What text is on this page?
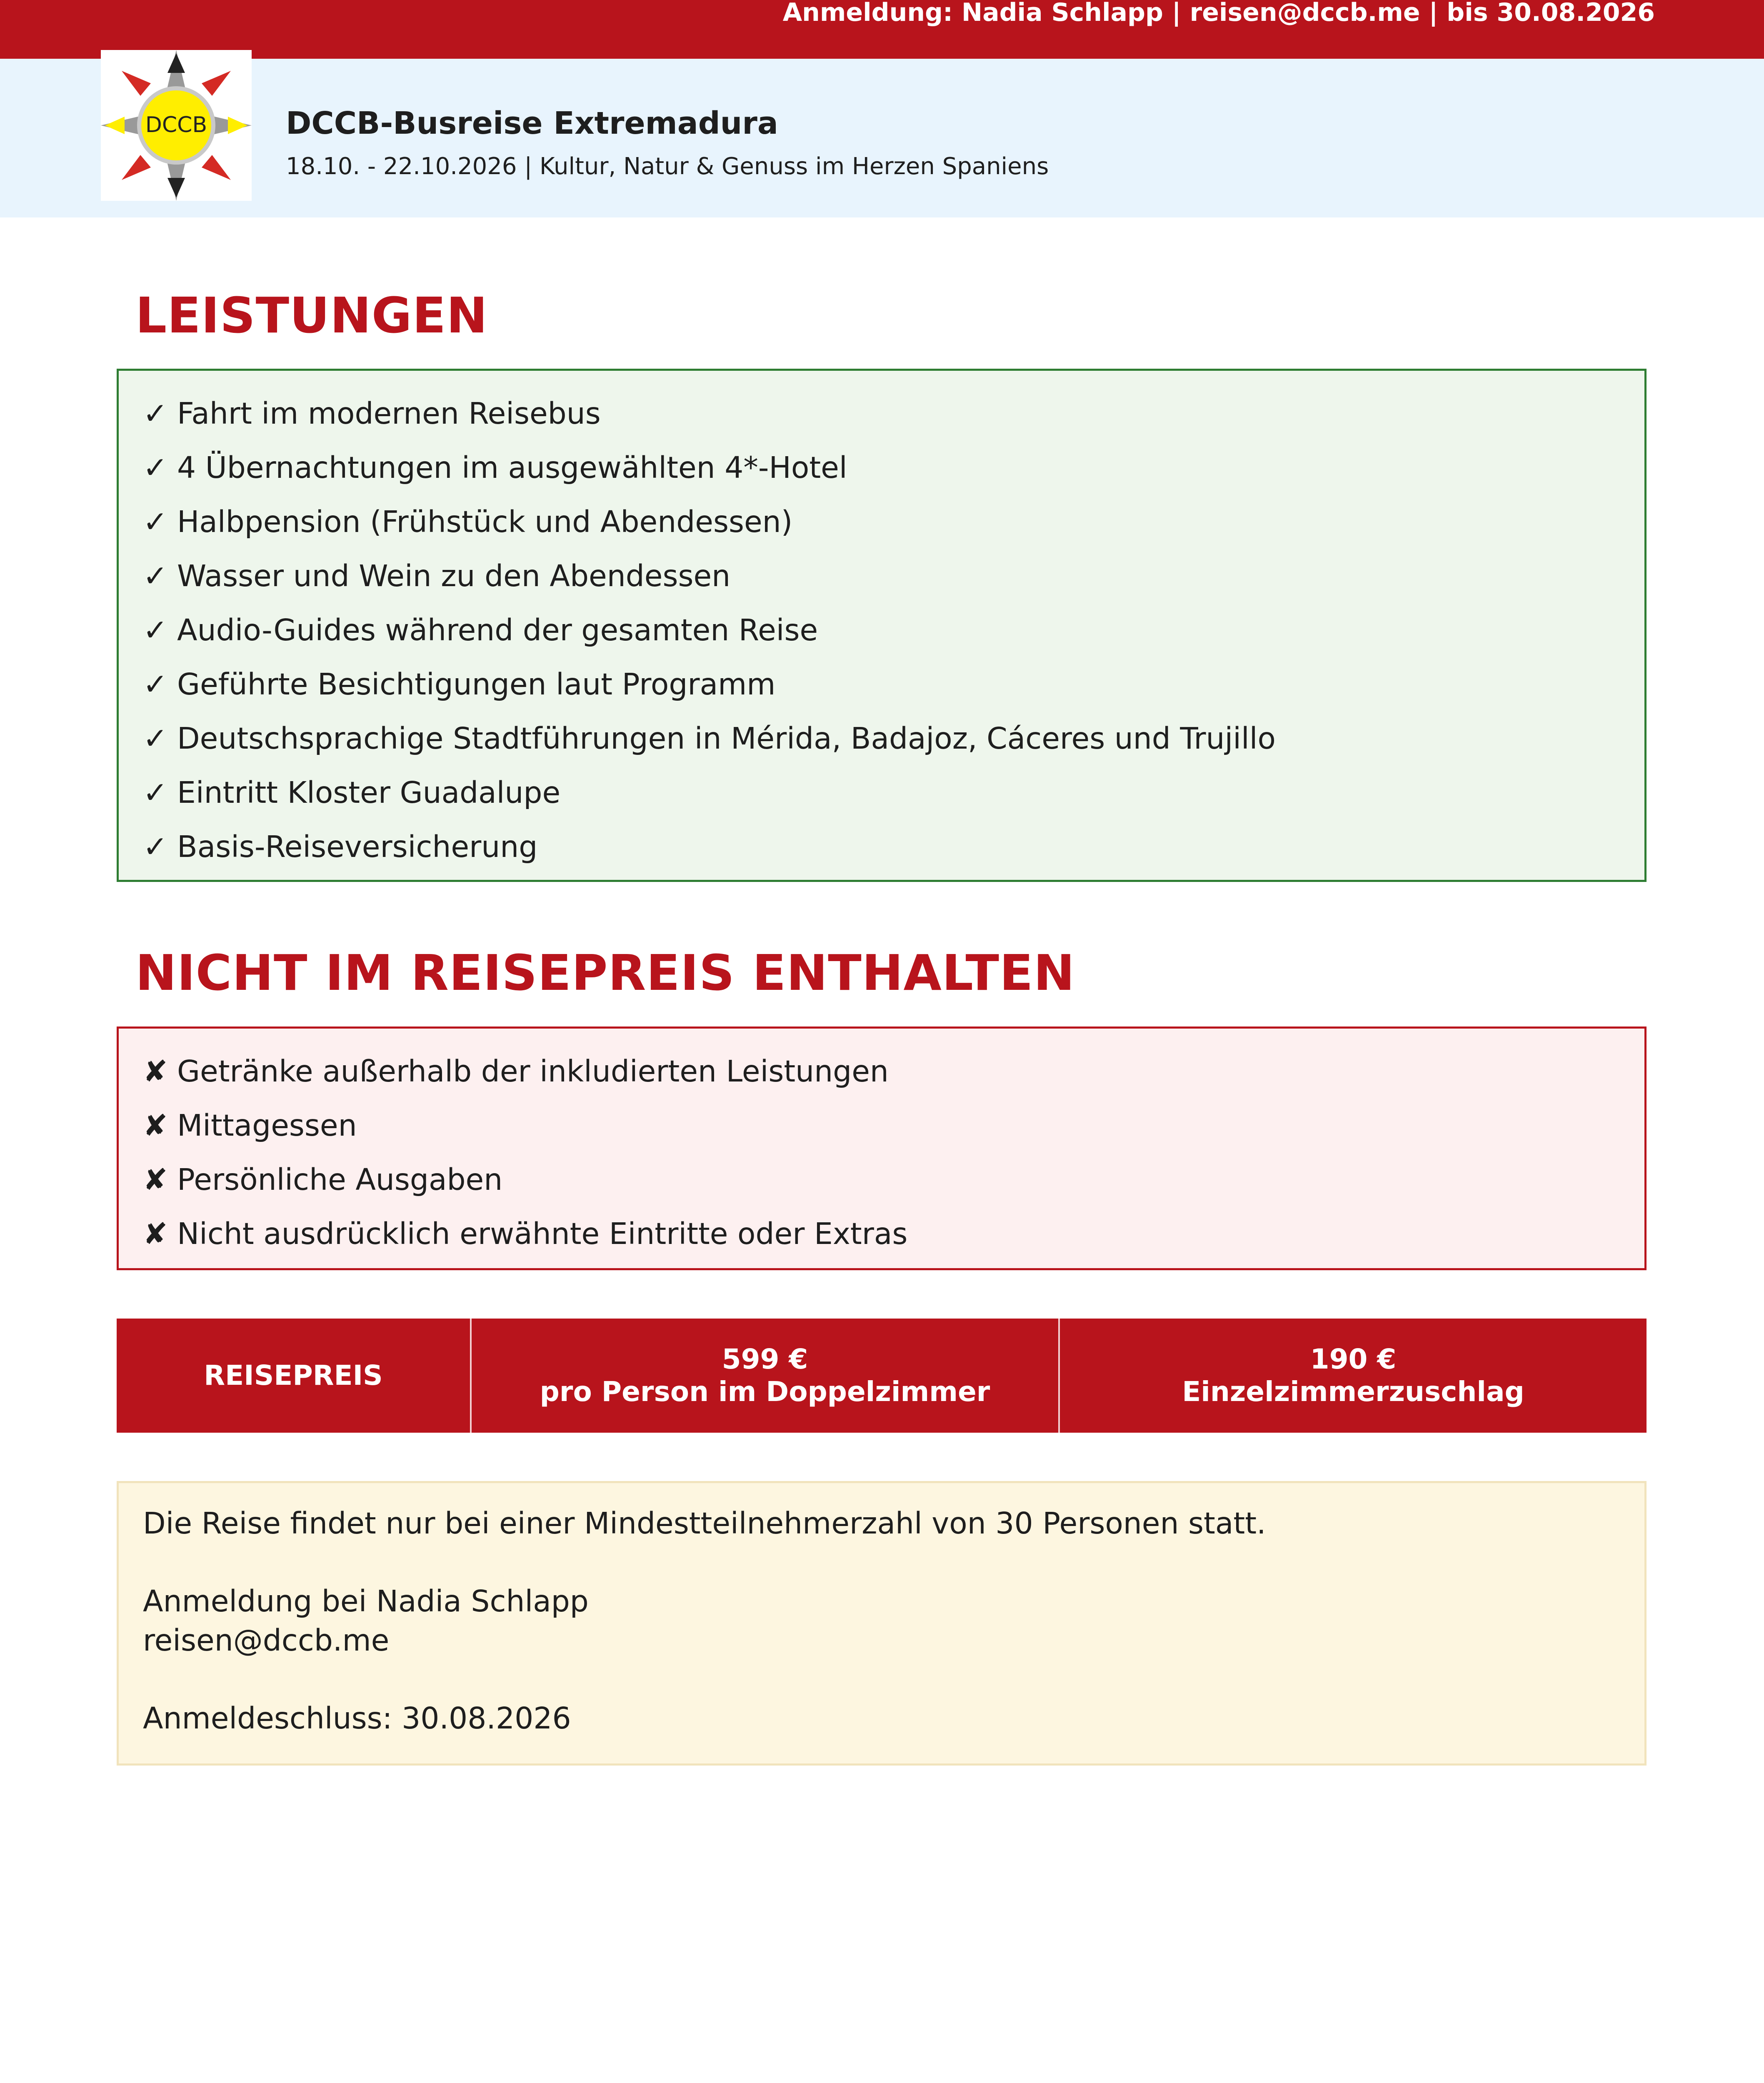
Anmeldung: Nadia Schlapp | reisen@dccb.me | bis 30.08.2026
DCCB	DCCB-Busreise Extremadura
18.10. - 22.10.2026 | Kultur, Natur & Genuss im Herzen Spaniens
LEISTUNGEN
✓ Fahrt im modernen Reisebus
✓ 4 Übernachtungen im ausgewählten 4*-Hotel
✓ Halbpension (Frühstück und Abendessen)
✓ Wasser und Wein zu den Abendessen
✓ Audio-Guides während der gesamten Reise
✓ Geführte Besichtigungen laut Programm
✓ Deutschsprachige Stadtführungen in Mérida, Badajoz, Cáceres und Trujillo
✓ Eintritt Kloster Guadalupe
✓ Basis-Reiseversicherung
NICHT IM REISEPREIS ENTHALTEN
✘ Getränke außerhalb der inkludierten Leistungen
✘ Mittagessen
✘ Persönliche Ausgaben
✘ Nicht ausdrücklich erwähnte Eintritte oder Extras
REISEPREIS
599 €
pro Person im Doppelzimmer
190 €
Einzelzimmerzuschlag

Die Reise findet nur bei einer Mindestteilnehmerzahl von 30 Personen statt.

Anmeldung bei Nadia Schlapp

reisen@dccb.me

Anmeldeschluss: 30.08.2026
